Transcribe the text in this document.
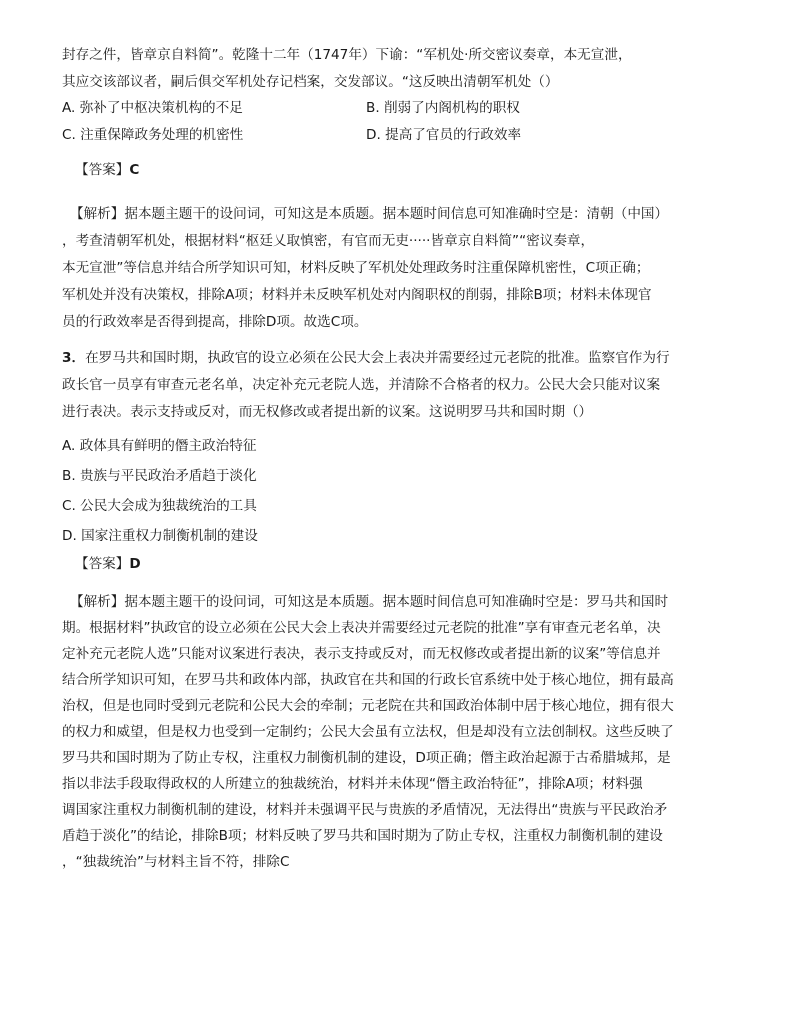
封存之件，皆章京自料简”。乾隆十二年（1747年）下谕：“军机处·所交密议奏章，本无宣泄，
其应交该部议者，嗣后俱交军机处存记档案，交发部议。“这反映出清朝军机处（）
A. 弥补了中枢决策机构的不足	B. 削弱了内阁机构的职权
C. 注重保障政务处理的机密性	D. 提高了官员的行政效率
【答案】C
【解析】据本题主题干的设问词，可知这是本质题。据本题时间信息可知准确时空是：清朝（中国）
，考查清朝军机处，根据材料“枢廷乂取慎密，有官而无吏·····皆章京自料简”“密议奏章，
本无宣泄”等信息并结合所学知识可知，材料反映了军机处处理政务时注重保障机密性，C项正确；
军机处并没有决策权，排除A项；材料并未反映军机处对内阁职权的削弱，排除B项；材料未体现官
员的行政效率是否得到提高，排除D项。故选C项。
3．在罗马共和国时期，执政官的设立必须在公民大会上表决并需要经过元老院的批准。监察官作为行
政长官一员享有审查元老名单，决定补充元老院人选，并清除不合格者的权力。公民大会只能对议案
进行表决。表示支持或反对，而无权修改或者提出新的议案。这说明罗马共和国时期（）
A. 政体具有鲜明的僭主政治特征
B. 贵族与平民政治矛盾趋于淡化
C. 公民大会成为独裁统治的工具
D. 国家注重权力制衡机制的建设
【答案】D
【解析】据本题主题干的设问词，可知这是本质题。据本题时间信息可知准确时空是：罗马共和国时
期。根据材料”执政官的设立必须在公民大会上表决并需要经过元老院的批准”享有审查元老名单，决
定补充元老院人选”只能对议案进行表决，表示支持或反对，而无权修改或者提出新的议案”等信息并
结合所学知识可知，在罗马共和政体内部，执政官在共和国的行政长官系统中处于核心地位，拥有最高
治权，但是也同时受到元老院和公民大会的牵制；元老院在共和国政治体制中居于核心地位，拥有很大
的权力和威望，但是权力也受到一定制约；公民大会虽有立法权，但是却没有立法创制权。这些反映了
罗马共和国时期为了防止专权，注重权力制衡机制的建设，D项正确；僭主政治起源于古希腊城邦，是
指以非法手段取得政权的人所建立的独裁统治，材料并未体现“僭主政治特征”，排除A项；材料强
调国家注重权力制衡机制的建设，材料并未强调平民与贵族的矛盾情况，无法得出“贵族与平民政治矛
盾趋于淡化”的结论，排除B项；材料反映了罗马共和国时期为了防止专权，注重权力制衡机制的建设
，“独裁统治”与材料主旨不符，排除C
